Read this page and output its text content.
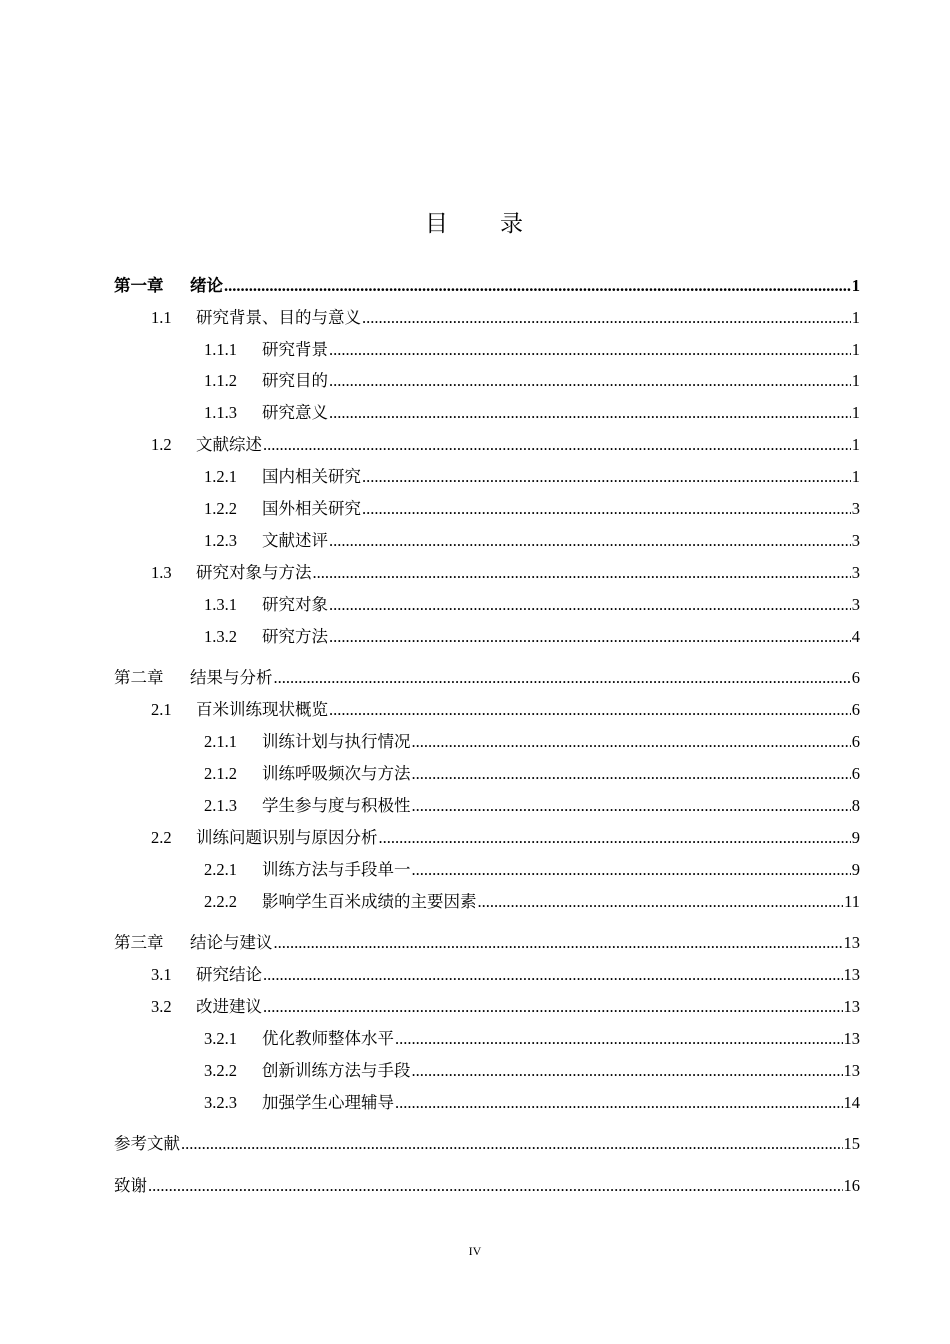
目 录
第一章	绪论 .....	1
1.1	研究背景、目的与意义 .....	1
1.1.1	研究背景 .....	1
1.1.2	研究目的 .....	1
1.1.3	研究意义 .....	1
1.2	文献综述 .....	1
1.2.1	国内相关研究 .....	1
1.2.2	国外相关研究 .....	3
1.2.3	文献述评 .....	3
1.3	研究对象与方法 .....	3
1.3.1	研究对象 .....	3
1.3.2	研究方法 .....	4
第二章	结果与分析 .....	6
2.1	百米训练现状概览 .....	6
2.1.1	训练计划与执行情况 .....	6
2.1.2	训练呼吸频次与方法 .....	6
2.1.3	学生参与度与积极性 .....	8
2.2	训练问题识别与原因分析 .....	9
2.2.1	训练方法与手段单一 .....	9
2.2.2	影响学生百米成绩的主要因素 .....	11
第三章	结论与建议 .....	13
3.1	研究结论 .....	13
3.2	改进建议 .....	13
3.2.1	优化教师整体水平 .....	13
3.2.2	创新训练方法与手段 .....	13
3.2.3	加强学生心理辅导 .....	14
参考文献 .....	15
致谢 .....	16
IV
